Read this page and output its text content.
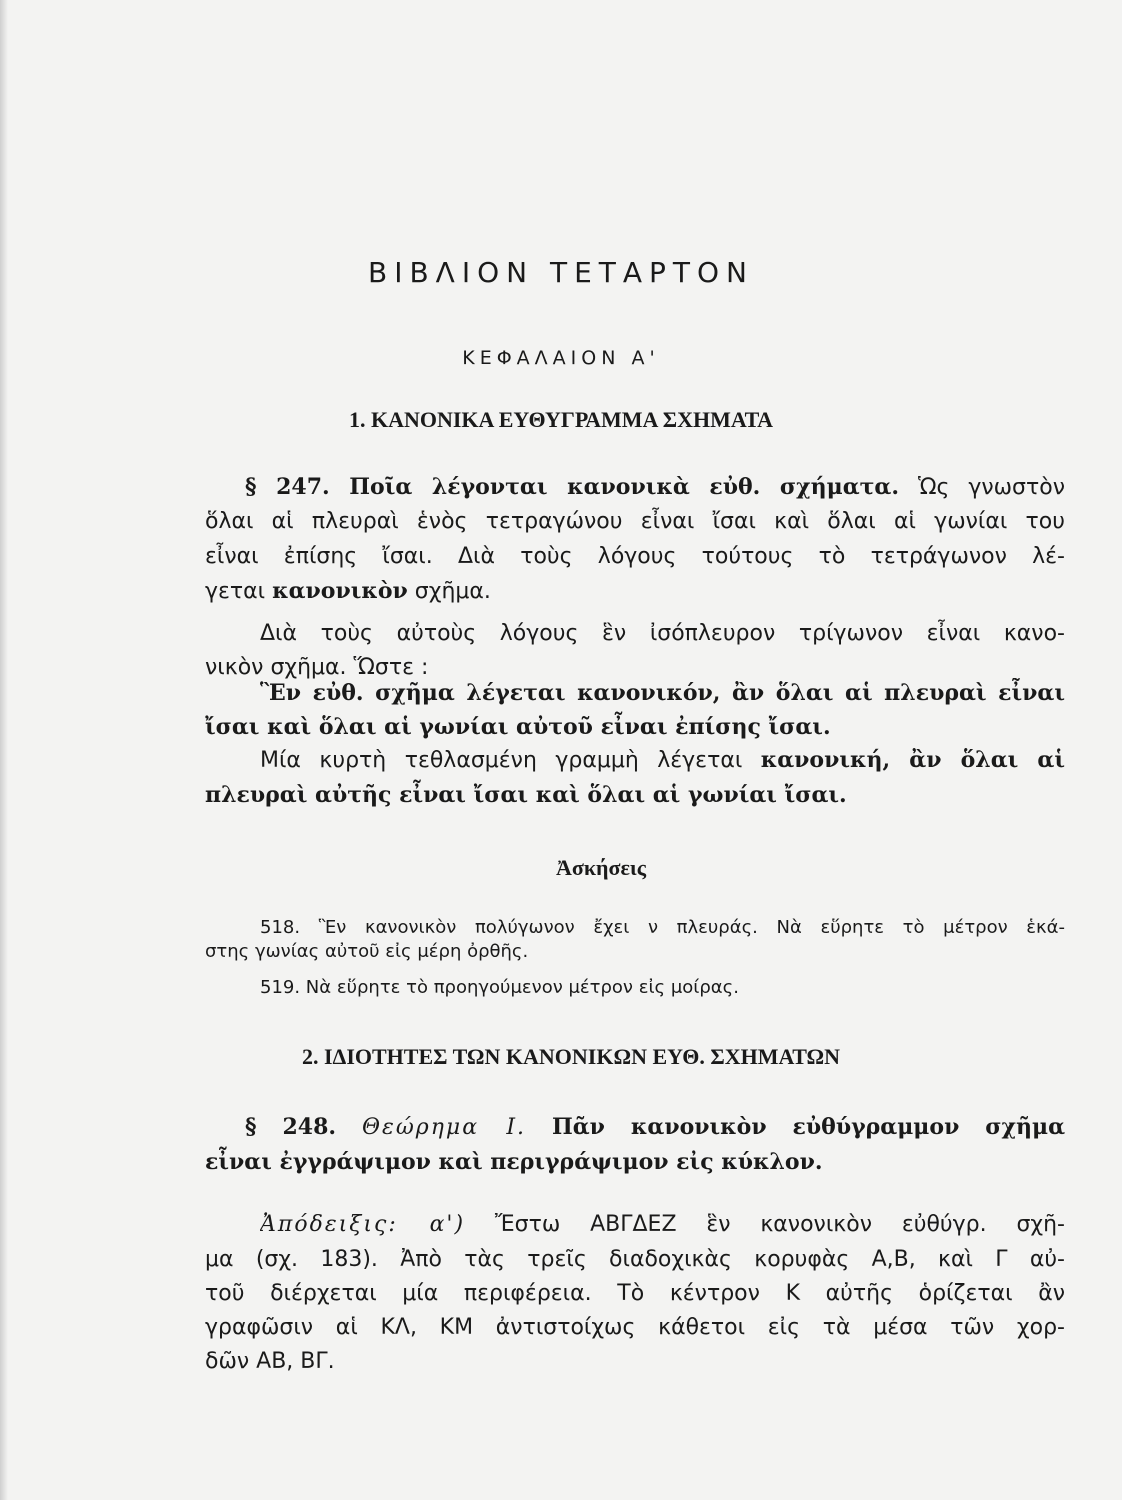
ΒΙΒΛΙΟΝ ΤΕΤΑΡΤΟΝ
ΚΕΦΑΛΑΙΟΝ Α'
1. ΚΑΝΟΝΙΚΑ ΕΥΘΥΓΡΑΜΜΑ ΣΧΗΜΑΤΑ
Ἀσκήσεις
2. ΙΔΙΟΤΗΤΕΣ ΤΩΝ ΚΑΝΟΝΙΚΩΝ ΕΥΘ. ΣΧΗΜΑΤΩΝ
§ 247. Ποῖα λέγονται κανονικὰ εὐθ. σχήματα. Ὡς γνωστὸν
ὅλαι αἱ πλευραὶ ἑνὸς τετραγώνου εἶναι ἴσαι καὶ ὅλαι αἱ γωνίαι του
εἶναι ἐπίσης ἴσαι. Διὰ τοὺς λόγους τούτους τὸ τετράγωνον λέ-
γεται κανονικὸν σχῆμα.
Διὰ τοὺς αὐτοὺς λόγους ἓν ἰσόπλευρον τρίγωνον εἶναι κανο-
νικὸν σχῆμα. Ὥστε :
Ἓν εὐθ. σχῆμα λέγεται κανονικόν, ἂν ὅλαι αἱ πλευραὶ εἶναι
ἴσαι καὶ ὅλαι αἱ γωνίαι αὐτοῦ εἶναι ἐπίσης ἴσαι.
Μία κυρτὴ τεθλασμένη γραμμὴ λέγεται κανονική, ἂν ὅλαι αἱ
πλευραὶ αὐτῆς εἶναι ἴσαι καὶ ὅλαι αἱ γωνίαι ἴσαι.
518. Ἓν κανονικὸν πολύγωνον ἔχει ν πλευράς. Νὰ εὕρητε τὸ μέτρον ἑκά-
στης γωνίας αὐτοῦ εἰς μέρη ὀρθῆς.
519. Νὰ εὕρητε τὸ προηγούμενον μέτρον εἰς μοίρας.
§ 248. Θεώρημα Ι. Πᾶν κανονικὸν εὐθύγραμμον σχῆμα
εἶναι ἐγγράψιμον καὶ περιγράψιμον εἰς κύκλον.
Ἀπόδειξις: α') Ἔστω ΑΒΓΔΕΖ ἓν κανονικὸν εὐθύγρ. σχῆ-
μα (σχ. 183). Ἀπὸ τὰς τρεῖς διαδοχικὰς κορυφὰς Α,Β, καὶ Γ αὐ-
τοῦ διέρχεται μία περιφέρεια. Τὸ κέντρον Κ αὐτῆς ὁρίζεται ἂν
γραφῶσιν αἱ ΚΛ, ΚΜ ἀντιστοίχως κάθετοι εἰς τὰ μέσα τῶν χορ-
δῶν ΑΒ, ΒΓ.
